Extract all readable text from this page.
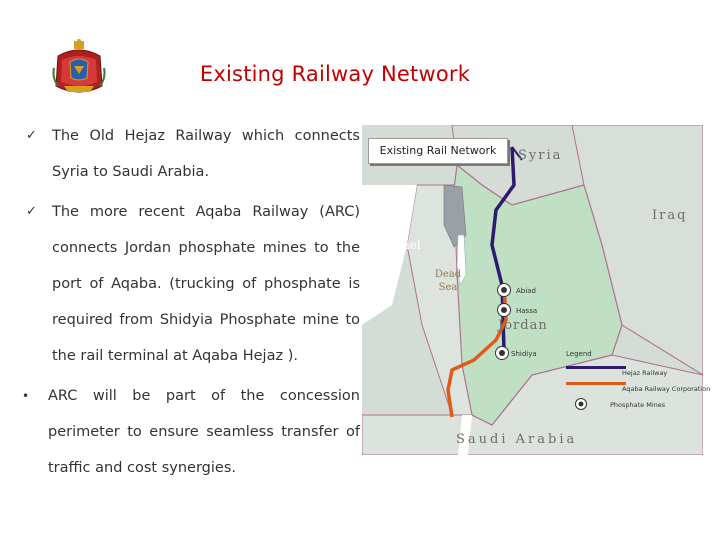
Existing Railway Network
✓ The Old Hejaz Railway which connects Syria to Saudi Arabia.
✓ The more recent Aqaba Railway (ARC) connects Jordan phosphate mines to the port of Aqaba. (trucking of phosphate is required from Shidyia Phosphate mine to the rail terminal at Aqaba Hejaz ).
•	ARC will be part of the concession perimeter to ensure seamless transfer of traffic and cost synergies.
Existing Rail Network	Syria
Iraq
Israel
Dead Sea
Jordan
Saudi Arabia
Abiad
Hassa
Shidiya	Legend
Hejaz Railway
Aqaba Railway Corporation
Phosphate Mines
